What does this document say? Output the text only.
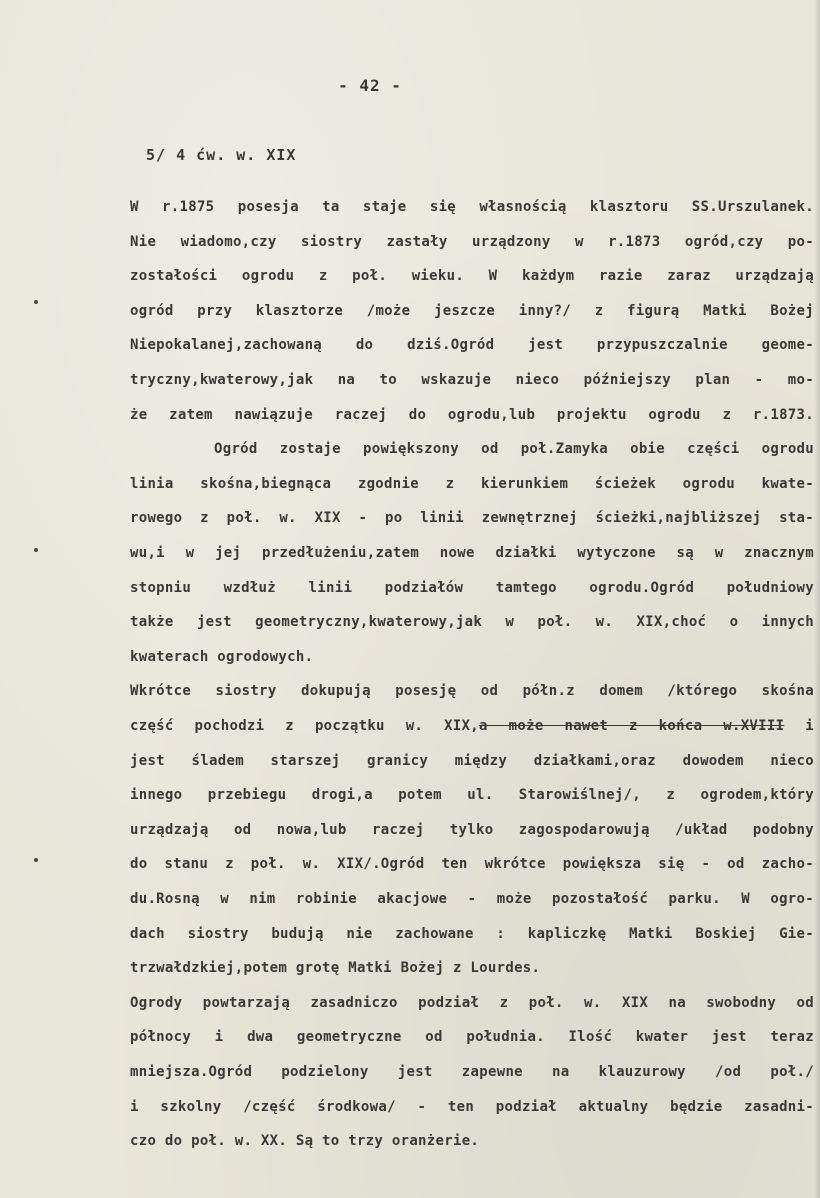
- 42 -
5/ 4 ćw. w. XIX
W r.1875 posesja ta staje się własnością klasztoru SS.Urszulanek.
Nie wiadomo,czy siostry zastały urządzony w r.1873 ogród,czy po-
zostałości ogrodu z poł. wieku. W każdym razie zaraz urządzają
ogród przy klasztorze /może jeszcze inny?/ z figurą Matki Bożej
Niepokalanej,zachowaną do dziś.Ogród jest przypuszczalnie geome-
tryczny,kwaterowy,jak na to wskazuje nieco późniejszy plan - mo-
że zatem nawiązuje raczej do ogrodu,lub projektu ogrodu z r.1873.
Ogród zostaje powiększony od poł.Zamyka obie części ogrodu
linia skośna,biegnąca zgodnie z kierunkiem ścieżek ogrodu kwate-
rowego z poł. w. XIX - po linii zewnętrznej ścieżki,najbliższej sta-
wu,i w jej przedłużeniu,zatem nowe działki wytyczone są w znacznym
stopniu wzdłuż linii podziałów tamtego ogrodu.Ogród południowy
także jest geometryczny,kwaterowy,jak w poł. w. XIX,choć o innych
kwaterach ogrodowych.
Wkrótce siostry dokupują posesję od półn.z domem /którego skośna
część pochodzi z początku w. XIX,a może nawet z końca w.XVIII i
jest śladem starszej granicy między działkami,oraz dowodem nieco
innego przebiegu drogi,a potem ul. Starowiślnej/, z ogrodem,który
urządzają od nowa,lub raczej tylko zagospodarowują /układ podobny
do stanu z poł. w. XIX/.Ogród ten wkrótce powiększa się - od zacho-
du.Rosną w nim robinie akacjowe - może pozostałość parku. W ogro-
dach siostry budują nie zachowane : kapliczkę Matki Boskiej Gie-
trzwałdzkiej,potem grotę Matki Bożej z Lourdes.
Ogrody powtarzają zasadniczo podział z poł. w. XIX na swobodny od
północy i dwa geometryczne od południa. Ilość kwater jest teraz
mniejsza.Ogród podzielony jest zapewne na klauzurowy /od poł./
i szkolny /część środkowa/ - ten podział aktualny będzie zasadni-
czo do poł. w. XX. Są to trzy oranżerie.
